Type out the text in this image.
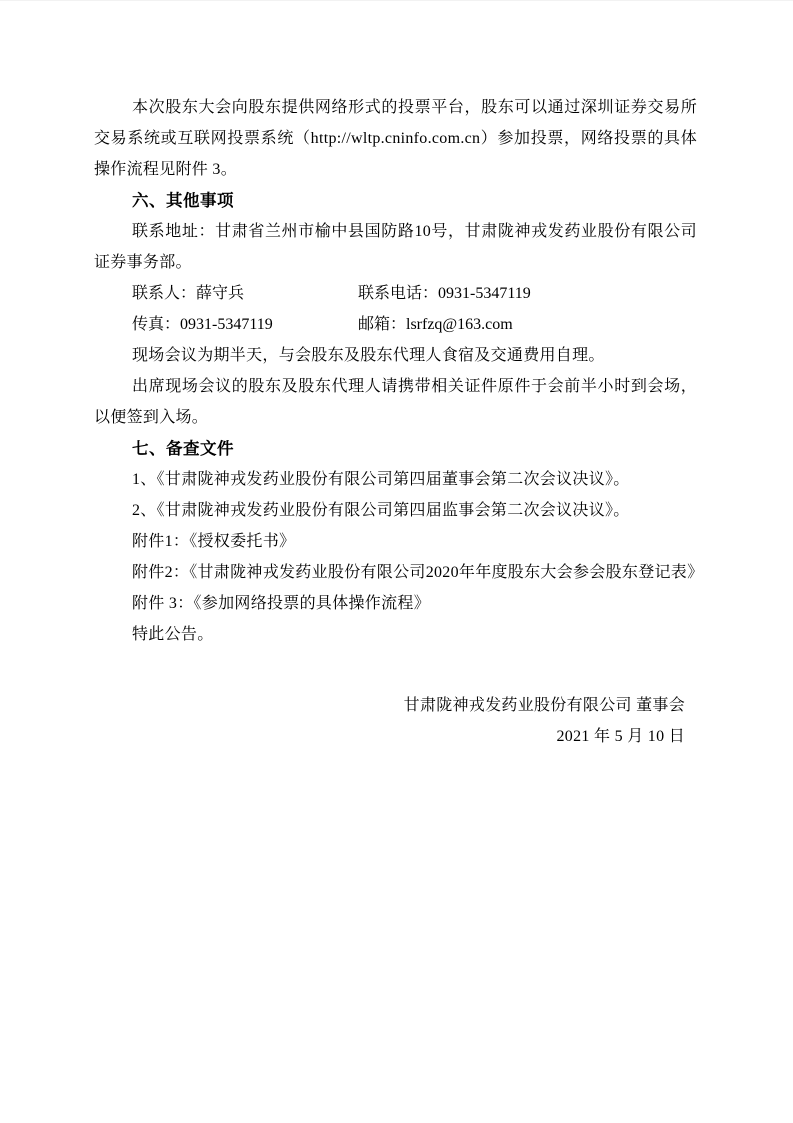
本次股东大会向股东提供网络形式的投票平台，股东可以通过深圳证券交易所交易系统或互联网投票系统（http://wltp.cninfo.com.cn）参加投票，网络投票的具体操作流程见附件 3。

六、其他事项

联系地址：甘肃省兰州市榆中县国防路10号，甘肃陇神戎发药业股份有限公司证券事务部。

联系人：薛守兵	联系电话：0931-5347119
传真：0931-5347119	邮箱：lsrfzq@163.com

现场会议为期半天，与会股东及股东代理人食宿及交通费用自理。

出席现场会议的股东及股东代理人请携带相关证件原件于会前半小时到会场，以便签到入场。

七、备查文件

1、《甘肃陇神戎发药业股份有限公司第四届董事会第二次会议决议》。

2、《甘肃陇神戎发药业股份有限公司第四届监事会第二次会议决议》。

附件1：《授权委托书》

附件2：《甘肃陇神戎发药业股份有限公司2020年年度股东大会参会股东登记表》

附件 3：《参加网络投票的具体操作流程》

特此公告。

甘肃陇神戎发药业股份有限公司 董事会
2021 年 5 月 10 日
